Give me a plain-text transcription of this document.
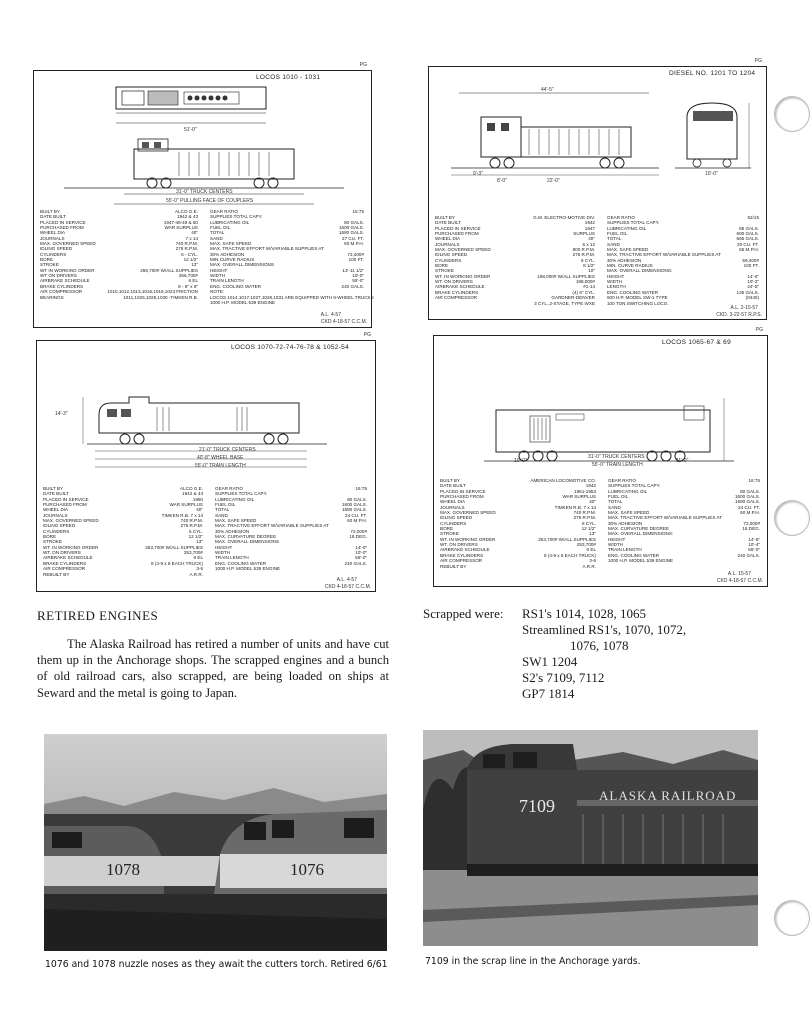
PG
LOCOS 1010 - 1031
51'-0"
31'-0" TRUCK CENTERS
55'-0" PULLING FACE OF COUPLERS
BUILT BY	ALCO G.E.
DATE BUILT	1942 & 43
PLACED IN SERVICE	1947-48-49 & 50
PURCHASED FROM	WAR SURPLUS
WHEEL DIA	40"
JOURNALS	7 x 14
MAX. GOVERNED SPEED	740 R.P.M.
IDLING SPEED	275 R.P.M.
CYLINDERS	6 - CYL.
BORE	12 1/2"
STROKE	13"
WT IN WORKING ORDER	266,700# W/ALL SUPPLIES
WT ON DRIVERS	266,700#
AIRBRAKE SCHEDULE	6 EL
BRAKE CYLINDERS	8 - 6" x 8"
AIR COMPRESSOR	1010,1012,1013,1016,1018,1023 FRICTION
BEARINGS	1011,1026,1029,1030 -TIMKEN R.B.
GEAR RATIO	15:75
SUPPLIES TOTAL CAPY.
LUBRICATING OIL	80 GALS.
FUEL OIL	1600 GALS.
TOTAL	1680 GALS.
SAND	27 CU. FT.
MAX. SAFE SPEED	60 M.P.H.
MAX. TRACTIVE EFFORT W/VARIABLE SUPPLIES AT
30% ADHESION	72,400#
MIN CURVE RADIUS	100 FT.
MAX. OVERALL DIMENSIONS
HEIGHT	13'-11 1/2"
WIDTH	10'-0"
TRAIN LENGTH	55'-0"
ENG. COOLING WATER	240 GALS.
NOTE:
LOCOS 1014,1017,1027,1028,1031 ARE EQUIPPED WITH 6-WHEEL TRUCKS
1000 H.P. MODEL 539 ENGINE
A.L. 4-57
CKD 4-18-57 C.C.M.
PG
DIESEL NO. 1201 TO 1204
44'-5"
22'-0"
9'-3"
8'-0"
10'-0"
BUILT BY	G.M. ELECTRO-MOTIVE DIV.
DATE BUILT	1942
PLACED IN SERVICE	1947
PURCHASED FROM	SURPLUS
WHEEL DIA	40"
JOURNALS	6 x 12
MAX. GOVERNED SPEED	800 R.P.M.
IDLING SPEED	275 R.P.M.
CYLINDERS	6 CYL.
BORE	8 1/2"
STROKE	10"
WT. IN WORKING ORDER	198,000# W/ALL SUPPLIES
WT. ON DRIVERS	198,000#
AIRBRAKE SCHEDULE	#1-14
BRAKE CYLINDERS	(4) 6" CYL.
AIR COMPRESSOR	GARDNER-DENVER
3 CYL.,2-STAGE, TYPE WXE
GEAR RATIO	62/15
SUPPLIES TOTAL CAPY.
LUBRICATING OIL	65 GALS.
FUEL OIL	600 GALS.
TOTAL	665 GALS.
SAND	20 CU. FT.
MAX. SAFE SPEED	65 M.P.H.
MAX. TRACTIVE EFFORT W/VARIABLE SUPPLIES AT
30% ADHESION	59,400#
MIN. CURVE RADIUS	100 FT.
MAX. OVERALL DIMENSIONS:
HEIGHT	14'-5"
WIDTH	10'-2"
LENGTH	44'-5"
ENG. COOLING WATER	135 GALS.
600 H.P. MODEL SW-1 TYPE	(0440)
100 TON SWITCHING LOCO.
A.L. 2-15-57
CKD. 3-22-57 R.P.S.
PG
LOCOS 1070-72-74-76-78 & 1052-54
21'-0" TRUCK CENTERS
40'-8" WHEEL BASE
55'-0" TRAIN LENGTH
14'-3"
BUILT BY	ALCO G.E.
DATE BUILT	1942 & 43
PLACED IN SERVICE	1950
PURCHASED FROM	WAR SURPLUS
WHEEL DIA	40"
JOURNALS	TIMKEN R.B. 7 x 14
MAX. GOVERNED SPEED	740 R.P.M.
IDLING SPEED	275 R.P.M.
CYLINDERS	6 CYL.
BORE	12 1/2"
STROKE	13"
WT. IN WORKING ORDER	253,700# W/ALL SUPPLIES
WT. ON DRIVERS	253,700#
AIRBRAKE SCHEDULE	6 EL
BRAKE CYLINDERS	8 (4-9 x 8 EACH TRUCK)
AIR COMPRESSOR	3-6
REBUILT BY	A.R.R.
GEAR RATIO	16:75
SUPPLIES TOTAL CAPY.
LUBRICATING OIL	80 GALS.
FUEL OIL	1600 GALS.
TOTAL	1680 GALS.
SAND	24 CU. FT.
MAX. SAFE SPEED	60 M.P.H.
MAX. TRACTIVE EFFORT W/VARIABLE SUPPLIES AT
30% ADHESION	72,000#
MAX. CURVATURE DEGREE	16 DEG.
MAX. OVERALL DIMENSIONS
HEIGHT	14'-0"
WIDTH	10'-0"
TRAIN LENGTH	55'-0"
ENG. COOLING WATER	240 GALS.
1000 H.P. MODEL 539 ENGINE
A.L. 4-57
CKD 4-18-57 C.C.M.
PG
LOCOS 1065-67 & 69
31'-0" TRUCK CENTERS
55'-0" TRAIN LENGTH
10'-0"	11'-0"
BUILT BY	AMERICAN LOCOMOTIVE CO.
DATE BUILT	1942
PLACED IN SERVICE	1951-1953
PURCHASED FROM	WAR SURPLUS
WHEEL DIA	40"
JOURNALS	TIMKEN R.B. 7 x 14
MAX. GOVERNED SPEED	740 R.P.M.
IDLING SPEED	275 R.P.M.
CYLINDERS	6 CYL.
BORE	12 1/2"
STROKE	13"
WT. IN WORKING ORDER	253,700# W/ALL SUPPLIES
WT. ON DRIVERS	253,700#
AIRBRAKE SCHEDULE	6 EL
BRAKE CYLINDERS	8 (4-9 x 8 EACH TRUCK)
AIR COMPRESSOR	3-6
REBUILT BY	A.R.R.
GEAR RATIO	16:75
SUPPLIES TOTAL CAPY.
LUBRICATING OIL	80 GALS.
FUEL OIL	1600 GALS.
TOTAL	1680 GALS.
SAND	24 CU. FT.
MAX. SAFE SPEED	60 M.P.H.
MAX. TRACTIVE EFFORT W/VARIABLE SUPPLIES AT
30% ADHESION	72,000#
MAX. CURVATURE DEGREE	16 DEG.
MAX. OVERALL DIMENSIONS:
HEIGHT	14'-5"
WIDTH	10'-4"
TRAIN LENGTH	55'-0"
ENG. COOLING WATER	240 GALS.
1000 H.P. MODEL 539 ENGINE
A.L. 15-57
CKD 4-18-57 C.C.M.
RETIRED ENGINES
The Alaska Railroad has retired a number of units and have cut them up in the Anchorage shops. The scrapped engines and a bunch of old railroad cars, also scrapped, are being loaded on ships at Seward and the metal is going to Japan.
Scrapped were: RS1's 1014, 1028, 1065
Streamlined RS1's, 1070, 1072,
1076, 1078
SW1 1204
S2's 7109, 7112
GP7 1814
1078	1076
1076 and 1078 nuzzle noses as they await the cutters torch. Retired 6/61
7109
ALASKA RAILROAD
7109 in the scrap line in the Anchorage yards.
